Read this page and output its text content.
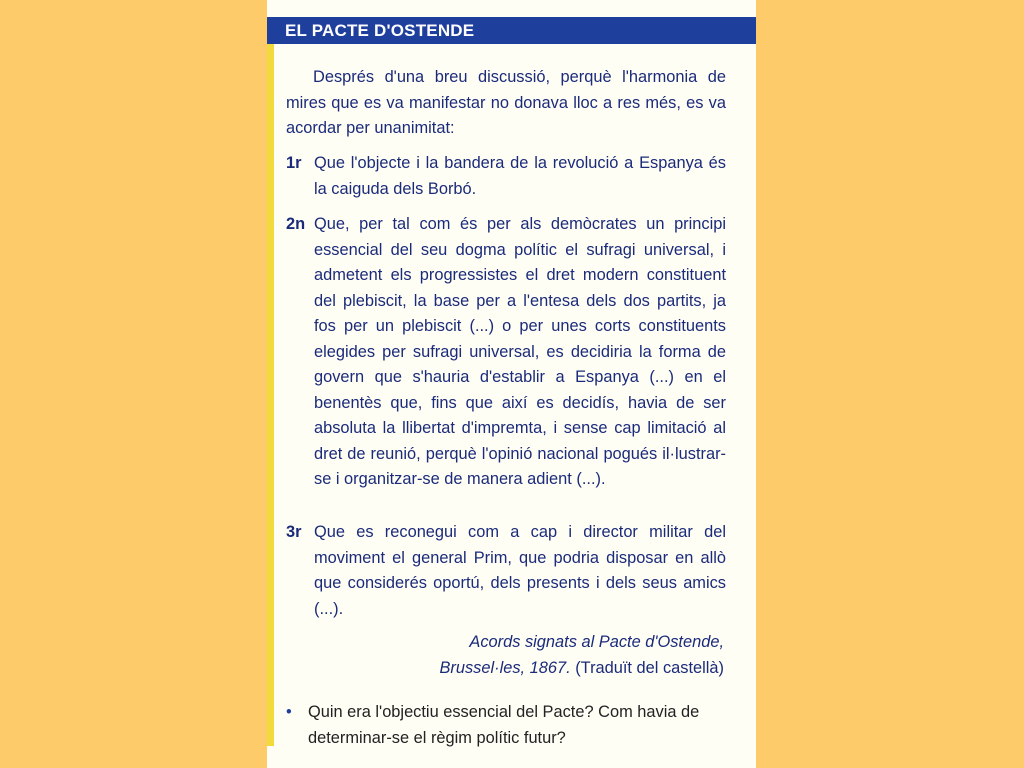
EL PACTE D'OSTENDE
Després d'una breu discussió, perquè l'harmonia de mires que es va manifestar no donava lloc a res més, es va acordar per unanimitat:
1r Que l'objecte i la bandera de la revolució a Espanya és la caiguda dels Borbó.
2n Que, per tal com és per als demòcrates un principi essencial del seu dogma polític el sufragi universal, i admetent els progressistes el dret modern constituent del plebiscit, la base per a l'entesa dels dos partits, ja fos per un plebiscit (...) o per unes corts constituents elegides per sufragi universal, es decidiria la forma de govern que s'hauria d'establir a Espanya (...) en el benentès que, fins que així es decidís, havia de ser absoluta la llibertat d'impremta, i sense cap limitació al dret de reunió, perquè l'opinió nacional pogués il·lustrar-se i organitzar-se de manera adient (...).
3r Que es reconegui com a cap i director militar del moviment el general Prim, que podria disposar en allò que considerés oportú, dels presents i dels seus amics (...).
Acords signats al Pacte d'Ostende,
Brussel·les, 1867. (Traduït del castellà)
• Quin era l'objectiu essencial del Pacte? Com havia de determinar-se el règim polític futur?
